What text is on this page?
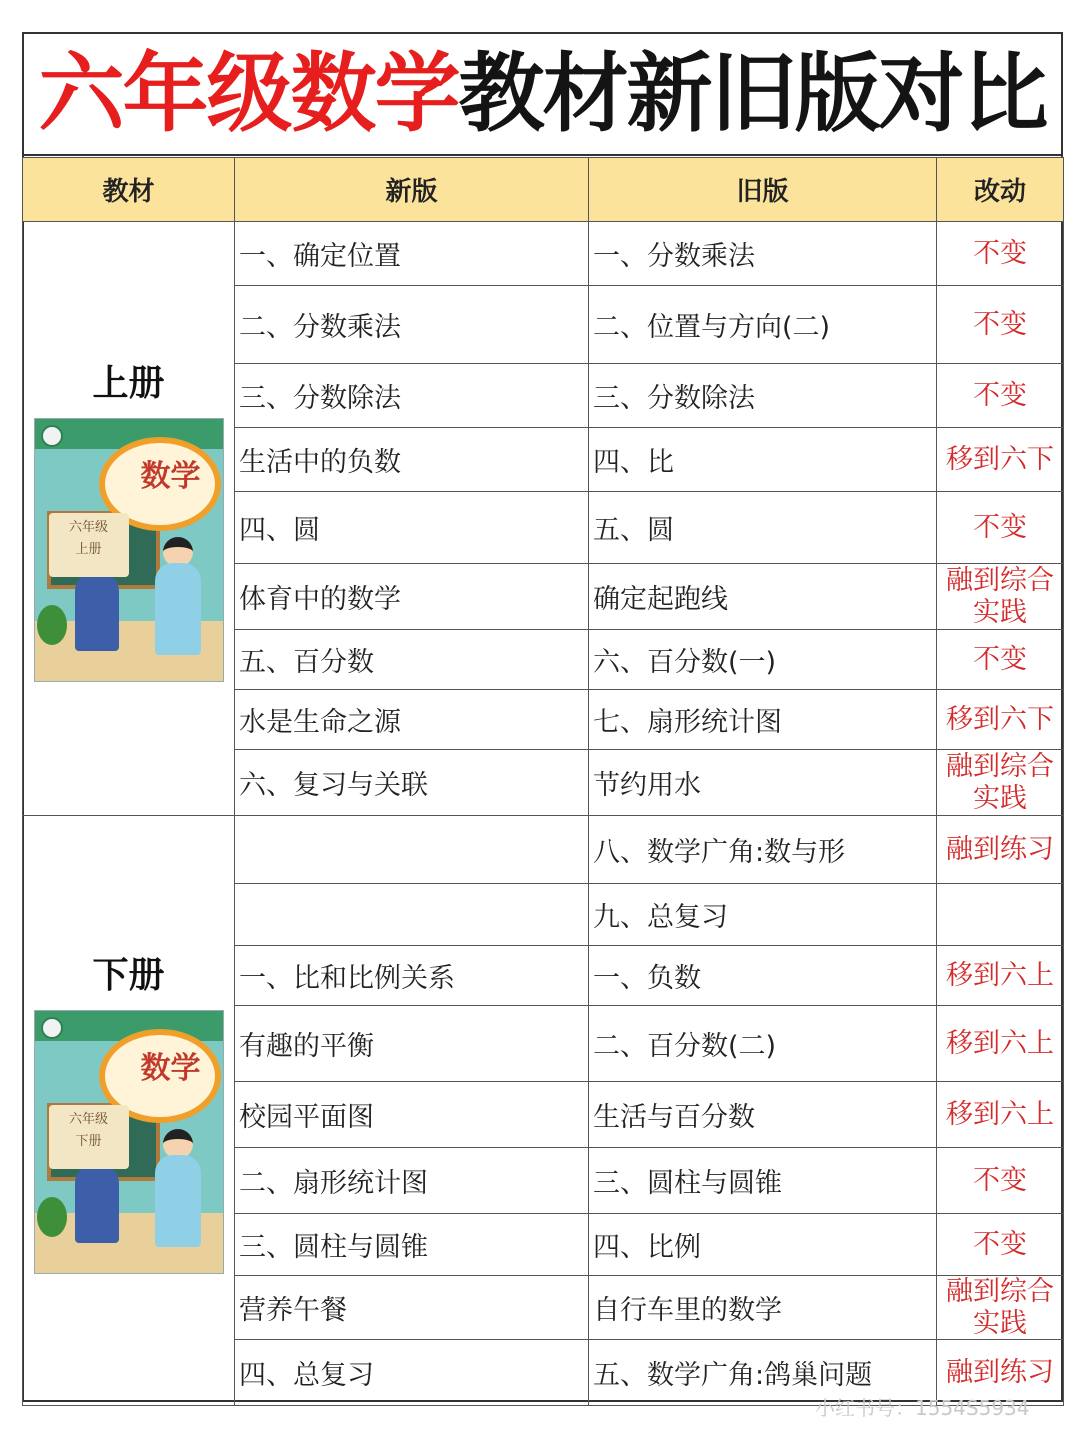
六年级数学教材新旧版对比
教材	新版	旧版	改动

上册
数学
六年级
上册	一、确定位置	一、分数乘法	不变
	二、分数乘法	二、位置与方向(二)	不变
	三、分数除法	三、分数除法	不变
	生活中的负数	四、比	移到六下
	四、圆	五、圆	不变
	体育中的数学	确定起跑线	融到综合
实践
	五、百分数	六、百分数(一)	不变
	水是生命之源	七、扇形统计图	移到六下
	六、复习与关联	节约用水	融到综合
实践

下册
数学
六年级
下册		八、数学广角:数与形	融到练习
		九、总复习	
	一、比和比例关系	一、负数	移到六上
	有趣的平衡	二、百分数(二)	移到六上
	校园平面图	生活与百分数	移到六上
	二、扇形统计图	三、圆柱与圆锥	不变
	三、圆柱与圆锥	四、比例	不变
	营养午餐	自行车里的数学	融到综合
实践
	四、总复习	五、数学广角:鸽巢问题	融到练习
小红书号：1554S5934
